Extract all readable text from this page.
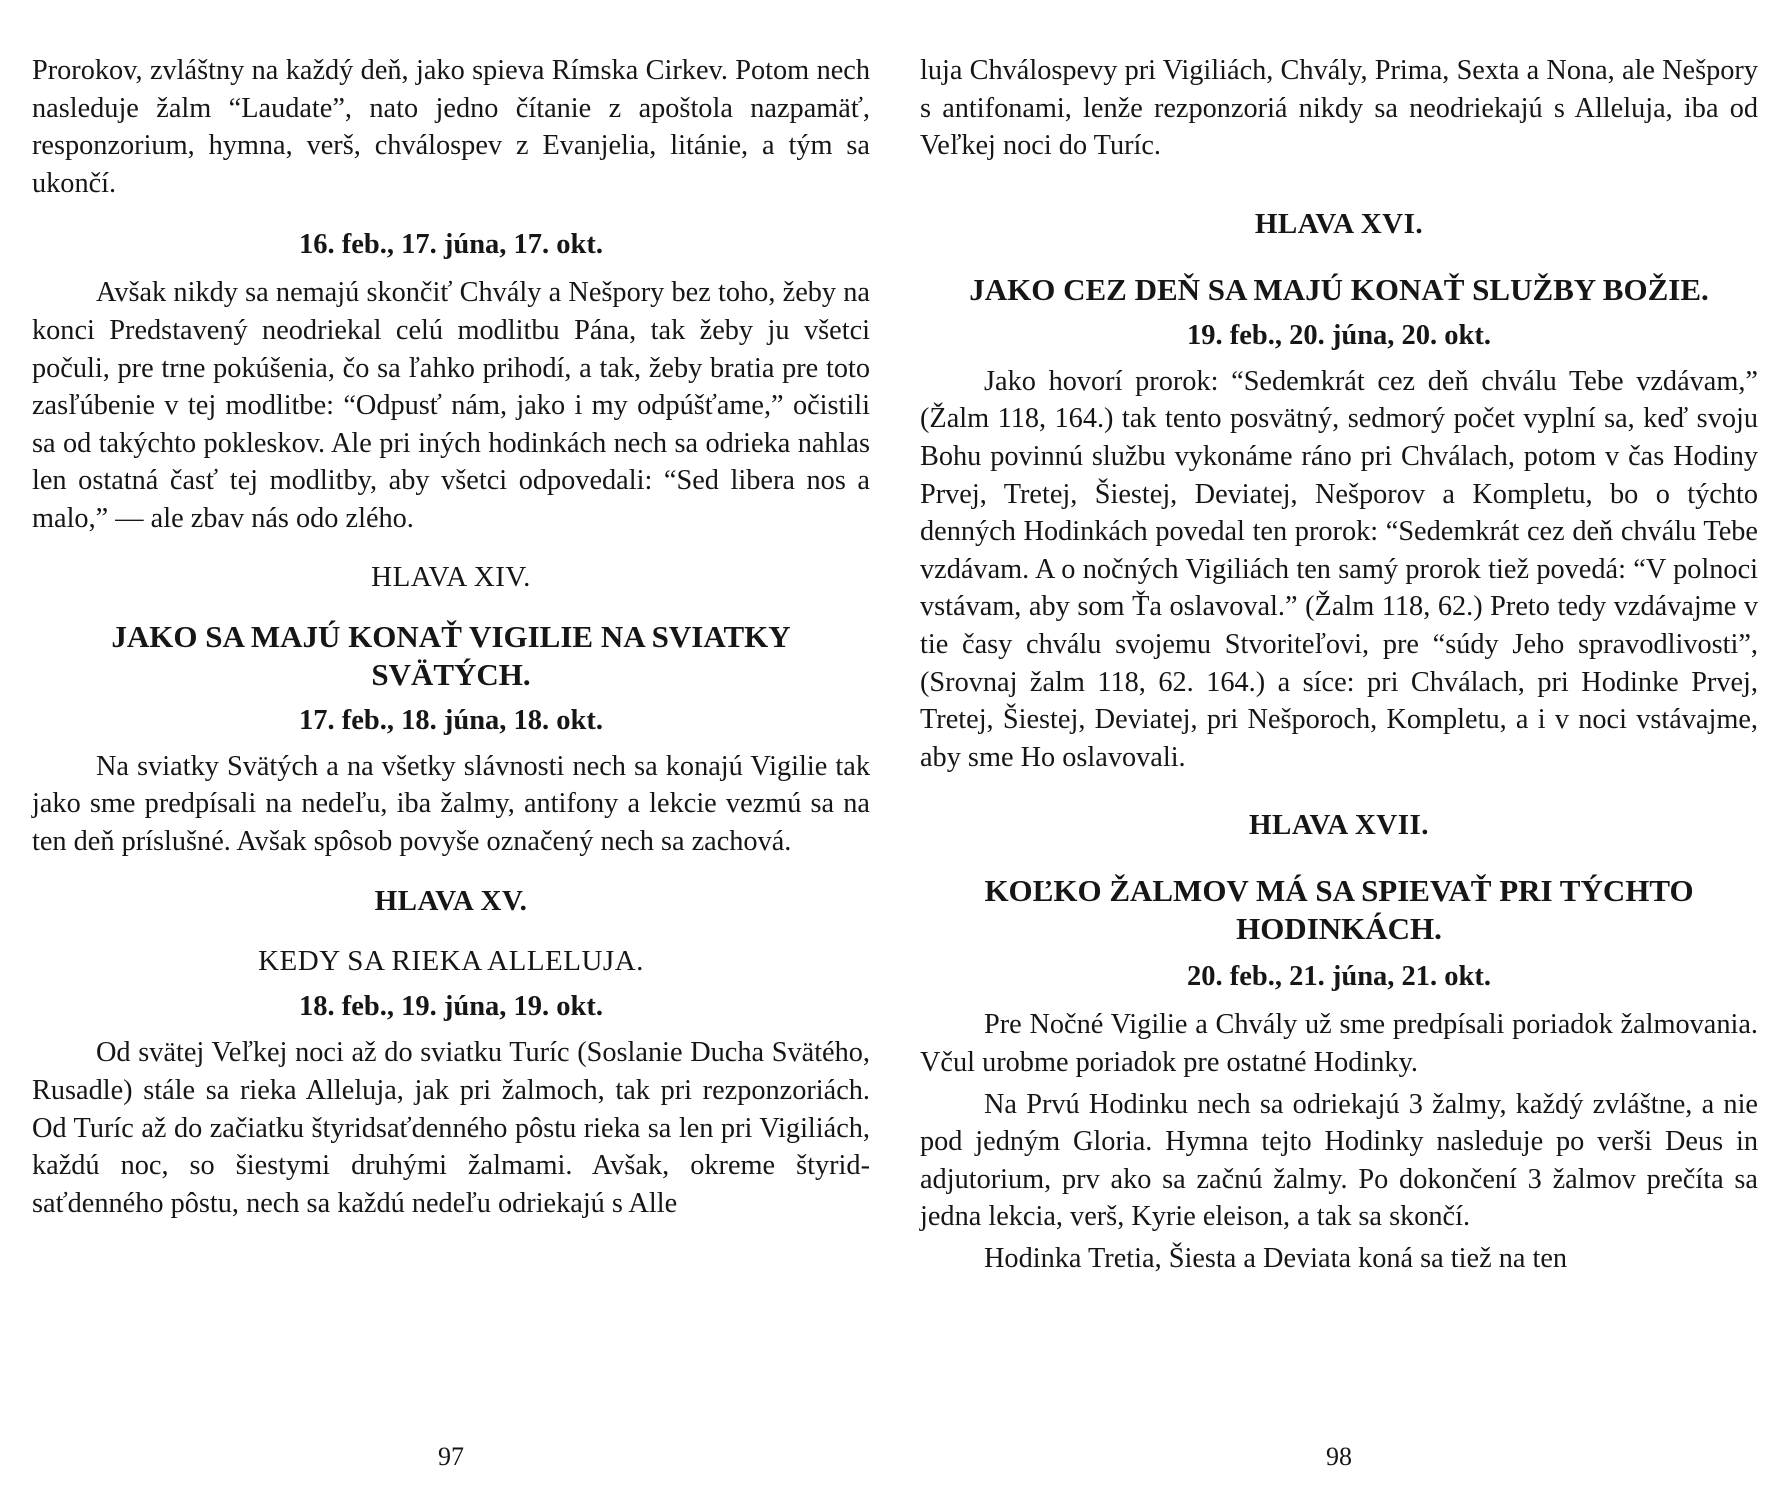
Prorokov, zvláštny na každý deň, jako spieva Rímska Cirkev. Potom nech nasleduje žalm “Laudate”, nato jedno čítanie z apoštola nazpamäť, responzorium, hymna, verš, chválospev z Evanjelia, litánie, a tým sa ukončí.

16. feb., 17. júna, 17. okt.

Avšak nikdy sa nemajú skončiť Chvály a Nešpory bez toho, žeby na konci Predstavený neodriekal celú modlitbu Pána, tak žeby ju všetci počuli, pre trne pokúšenia, čo sa ľahko prihodí, a tak, žeby bratia pre toto zasľúbenie v tej modlitbe: “Odpusť nám, jako i my odpúšťame,” očistili sa od takýchto pokleskov. Ale pri iných hodinkách nech sa odrieka nahlas len ostatná časť tej modlitby, aby všetci odpovedali: “Sed libera nos a malo,” — ale zbav nás odo zlého.

HLAVA XIV.
JAKO SA MAJÚ KONAŤ VIGILIE NA SVIATKY SVÄTÝCH.
17. feb., 18. júna, 18. okt.

Na sviatky Svätých a na všetky slávnosti nech sa konajú Vigilie tak jako sme predpísali na nedeľu, iba žalmy, antifony a lekcie vezmú sa na ten deň príslušné. Avšak spôsob povyše označený nech sa zachová.

HLAVA XV.
KEDY SA RIEKA ALLELUJA.
18. feb., 19. júna, 19. okt.

Od svätej Veľkej noci až do sviatku Turíc (Soslanie Ducha Svätého, Rusadle) stále sa rieka Alleluja, jak pri žalmoch, tak pri rezponzoriách. Od Turíc až do začiatku štyridsaťdenného pôstu rieka sa len pri Vigiliách, každú noc, so šiestymi druhými žalmami. Avšak, okreme štyridsaťdenného pôstu, nech sa každú nedeľu odriekajú s Alle

97

luja Chválospevy pri Vigiliách, Chvály, Prima, Sexta a Nona, ale Nešpory s antifonami, lenže rezponzoriá nikdy sa neodriekajú s Alleluja, iba od Veľkej noci do Turíc.

HLAVA XVI.
JAKO CEZ DEŇ SA MAJÚ KONAŤ SLUŽBY BOŽIE.
19. feb., 20. júna, 20. okt.

Jako hovorí prorok: “Sedemkrát cez deň chválu Tebe vzdávam,” (Žalm 118, 164.) tak tento posvätný, sedmorý počet vyplní sa, keď svoju Bohu povinnú službu vykonáme ráno pri Chválach, potom v čas Hodiny Prvej, Tretej, Šiestej, Deviatej, Nešporov a Kompletu, bo o týchto denných Hodinkách povedal ten prorok: “Sedemkrát cez deň chválu Tebe vzdávam. A o nočných Vigiliách ten samý prorok tiež povedá: “V polnoci vstávam, aby som Ťa oslavoval.” (Žalm 118, 62.) Preto tedy vzdávajme v tie časy chválu svojemu Stvoriteľovi, pre “súdy Jeho spravodlivosti”, (Srovnaj žalm 118, 62. 164.) a síce: pri Chválach, pri Hodinke Prvej, Tretej, Šiestej, Deviatej, pri Nešporoch, Kompletu, a i v noci vstávajme, aby sme Ho oslavovali.

HLAVA XVII.
KOĽKO ŽALMOV MÁ SA SPIEVAŤ PRI TÝCHTO HODINKÁCH.
20. feb., 21. júna, 21. okt.

Pre Nočné Vigilie a Chvály už sme predpísali poriadok žalmovania. Včul urobme poriadok pre ostatné Hodinky.

Na Prvú Hodinku nech sa odriekajú 3 žalmy, každý zvláštne, a nie pod jedným Gloria. Hymna tejto Hodinky nasleduje po verši Deus in adjutorium, prv ako sa začnú žalmy. Po dokončení 3 žalmov prečíta sa jedna lekcia, verš, Kyrie eleison, a tak sa skončí.

Hodinka Tretia, Šiesta a Deviata koná sa tiež na ten

98
